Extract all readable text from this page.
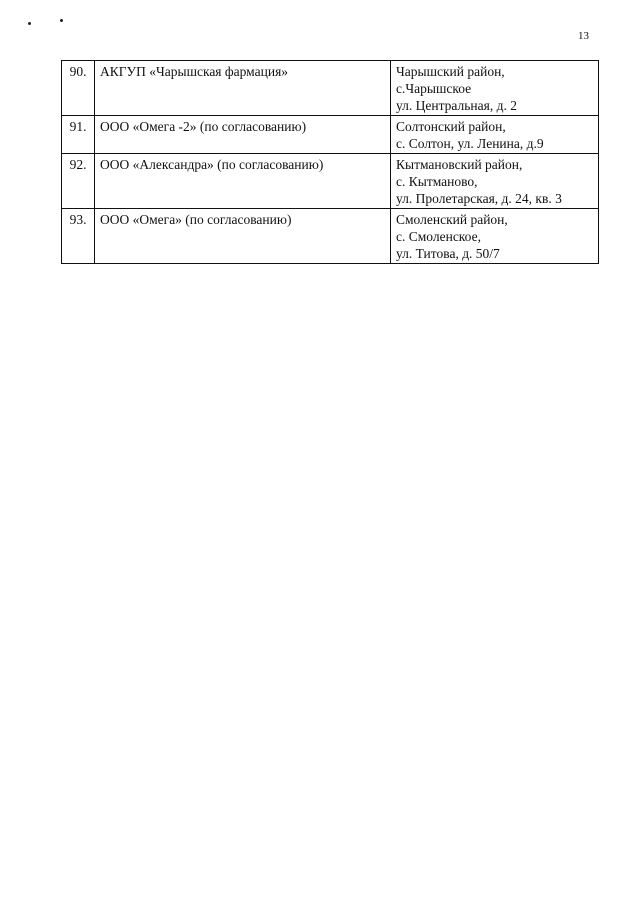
13
90.	АКГУП «Чарышская фармация»	Чарышский район,
с.Чарышское
ул. Центральная, д. 2

91.	ООО «Омега -2» (по согласованию)	Солтонский район,
с. Солтон, ул. Ленина, д.9

92.	ООО «Александра» (по согласованию)	Кытмановский район,
с. Кытманово,
ул. Пролетарская, д. 24, кв. 3

93.	ООО «Омега» (по согласованию)	Смоленский район,
с. Смоленское,
ул. Титова, д. 50/7
